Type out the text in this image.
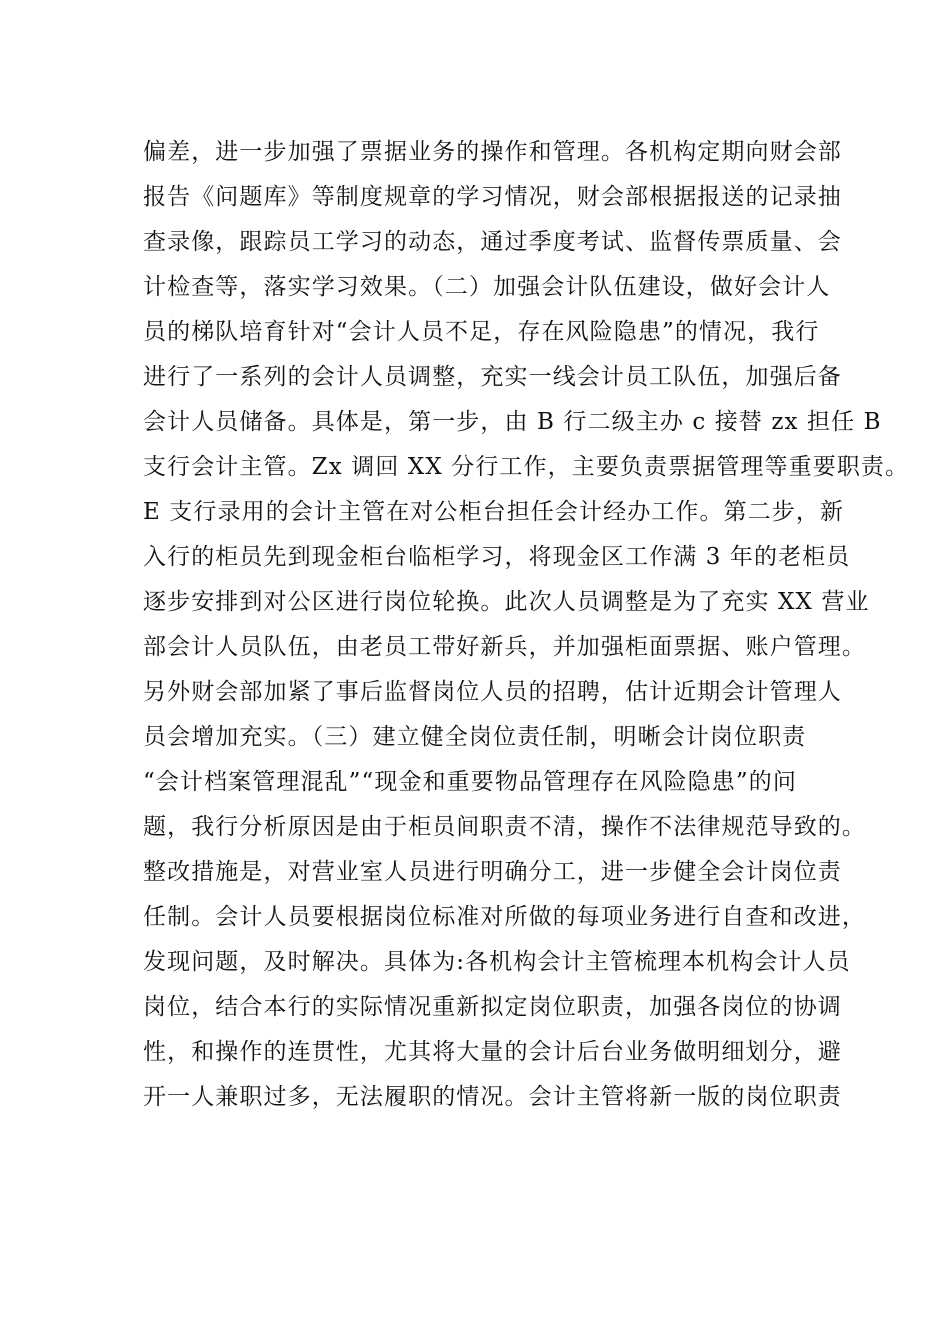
偏差，进一步加强了票据业务的操作和管理。各机构定期向财会部
报告《问题库》等制度规章的学习情况，财会部根据报送的记录抽
查录像，跟踪员工学习的动态，通过季度考试、监督传票质量、会
计检查等，落实学习效果。（二）加强会计队伍建设，做好会计人
员的梯队培育针对“会计人员不足，存在风险隐患”的情况，我行
进行了一系列的会计人员调整，充实一线会计员工队伍，加强后备
会计人员储备。具体是，第一步，由 B 行二级主办 c 接替 zx 担任 B
支行会计主管。Zx 调回 XX 分行工作，主要负责票据管理等重要职责。
E 支行录用的会计主管在对公柜台担任会计经办工作。第二步，新
入行的柜员先到现金柜台临柜学习，将现金区工作满 3 年的老柜员
逐步安排到对公区进行岗位轮换。此次人员调整是为了充实 XX 营业
部会计人员队伍，由老员工带好新兵，并加强柜面票据、账户管理。
另外财会部加紧了事后监督岗位人员的招聘，估计近期会计管理人
员会增加充实。（三）建立健全岗位责任制，明晰会计岗位职责
“会计档案管理混乱”“现金和重要物品管理存在风险隐患”的问
题，我行分析原因是由于柜员间职责不清，操作不法律规范导致的。
整改措施是，对营业室人员进行明确分工，进一步健全会计岗位责
任制。会计人员要根据岗位标准对所做的每项业务进行自查和改进，
发现问题，及时解决。具体为:各机构会计主管梳理本机构会计人员
岗位，结合本行的实际情况重新拟定岗位职责，加强各岗位的协调
性，和操作的连贯性，尤其将大量的会计后台业务做明细划分，避
开一人兼职过多，无法履职的情况。会计主管将新一版的岗位职责
